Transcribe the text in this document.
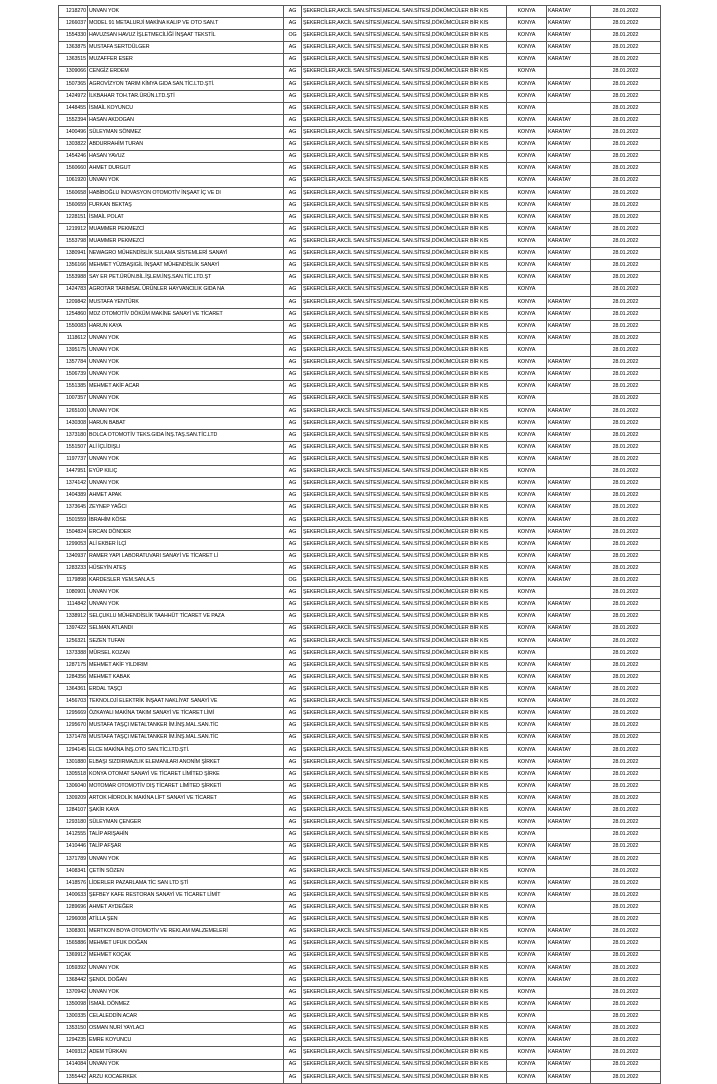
1218270	UNVAN YOK	AG	ŞEKERCİLER,AKCİL SAN.SİTESİ,MECAL SAN.SİTESİ,DÖKÜMCÜLER BİR KIS	KONYA	KARATAY	28.01.2022
1266037	MODEL 91 METALURJİ MAKİNA KALIP VE OTO SAN.T	AG	ŞEKERCİLER,AKCİL SAN.SİTESİ,MECAL SAN.SİTESİ,DÖKÜMCÜLER BİR KIS	KONYA	KARATAY	28.01.2022
1554330	HAVUZSAN HAVUZ İŞLETMECİLİĞİ İNŞAAT TEKSTİL	OG	ŞEKERCİLER,AKCİL SAN.SİTESİ,MECAL SAN.SİTESİ,DÖKÜMCÜLER BİR KIS	KONYA	KARATAY	28.01.2022
1363875	MUSTAFA SERTDÜLGER	AG	ŞEKERCİLER,AKCİL SAN.SİTESİ,MECAL SAN.SİTESİ,DÖKÜMCÜLER BİR KIS	KONYA	KARATAY	28.01.2022
1363515	MUZAFFER ESER	AG	ŞEKERCİLER,AKCİL SAN.SİTESİ,MECAL SAN.SİTESİ,DÖKÜMCÜLER BİR KIS	KONYA	KARATAY	28.01.2022
1309066	CENGİZ ERDEM	AG	ŞEKERCİLER,AKCİL SAN.SİTESİ,MECAL SAN.SİTESİ,DÖKÜMCÜLER BİR KIS	KONYA		28.01.2022
1507365	AGROVİZYON TARIM KİMYA GIDA SAN.TİC.LTD.ŞTİ.	AG	ŞEKERCİLER,AKCİL SAN.SİTESİ,MECAL SAN.SİTESİ,DÖKÜMCÜLER BİR KIS	KONYA	KARATAY	28.01.2022
1424972	İLKBAHAR TOH.TAR.ÜRÜN.LTD.ŞTİ	AG	ŞEKERCİLER,AKCİL SAN.SİTESİ,MECAL SAN.SİTESİ,DÖKÜMCÜLER BİR KIS	KONYA	KARATAY	28.01.2022
1448455	İSMAİL KOYUNCU	AG	ŞEKERCİLER,AKCİL SAN.SİTESİ,MECAL SAN.SİTESİ,DÖKÜMCÜLER BİR KIS	KONYA		28.01.2022
1552394	HASAN AKDOGAN	AG	ŞEKERCİLER,AKCİL SAN.SİTESİ,MECAL SAN.SİTESİ,DÖKÜMCÜLER BİR KIS	KONYA	KARATAY	28.01.2022
1400496	SÜLEYMAN SÖNMEZ	AG	ŞEKERCİLER,AKCİL SAN.SİTESİ,MECAL SAN.SİTESİ,DÖKÜMCÜLER BİR KIS	KONYA	KARATAY	28.01.2022
1303822	ABDURRAHİM TURAN	AG	ŞEKERCİLER,AKCİL SAN.SİTESİ,MECAL SAN.SİTESİ,DÖKÜMCÜLER BİR KIS	KONYA	KARATAY	28.01.2022
1454246	HASAN YAVUZ	AG	ŞEKERCİLER,AKCİL SAN.SİTESİ,MECAL SAN.SİTESİ,DÖKÜMCÜLER BİR KIS	KONYA	KARATAY	28.01.2022
1560660	AHMET DURGUT	AG	ŞEKERCİLER,AKCİL SAN.SİTESİ,MECAL SAN.SİTESİ,DÖKÜMCÜLER BİR KIS	KONYA	KARATAY	28.01.2022
1061920	UNVAN YOK	AG	ŞEKERCİLER,AKCİL SAN.SİTESİ,MECAL SAN.SİTESİ,DÖKÜMCÜLER BİR KIS	KONYA	KARATAY	28.01.2022
1560658	HABİBOĞLU İNOVASYON OTOMOTİV İNŞAAT İÇ VE DI	AG	ŞEKERCİLER,AKCİL SAN.SİTESİ,MECAL SAN.SİTESİ,DÖKÜMCÜLER BİR KIS	KONYA	KARATAY	28.01.2022
1560659	FURKAN BEKTAŞ	AG	ŞEKERCİLER,AKCİL SAN.SİTESİ,MECAL SAN.SİTESİ,DÖKÜMCÜLER BİR KIS	KONYA	KARATAY	28.01.2022
1228151	İSMAİL POLAT	AG	ŞEKERCİLER,AKCİL SAN.SİTESİ,MECAL SAN.SİTESİ,DÖKÜMCÜLER BİR KIS	KONYA	KARATAY	28.01.2022
1219912	MUAMMER PEKMEZCİ	AG	ŞEKERCİLER,AKCİL SAN.SİTESİ,MECAL SAN.SİTESİ,DÖKÜMCÜLER BİR KIS	KONYA	KARATAY	28.01.2022
1553798	MUAMMER PEKMEZCİ	AG	ŞEKERCİLER,AKCİL SAN.SİTESİ,MECAL SAN.SİTESİ,DÖKÜMCÜLER BİR KIS	KONYA	KARATAY	28.01.2022
1380941	NEWAGRO MÜHENDİSLİK SULAMA SİSTEMLERİ SANAYİ	AG	ŞEKERCİLER,AKCİL SAN.SİTESİ,MECAL SAN.SİTESİ,DÖKÜMCÜLER BİR KIS	KONYA	KARATAY	28.01.2022
1356166	MEHMET YÜZBAŞIGİL İNŞAAT MÜHENDİSLİK SANAYİ	AG	ŞEKERCİLER,AKCİL SAN.SİTESİ,MECAL SAN.SİTESİ,DÖKÜMCÜLER BİR KIS	KONYA	KARATAY	28.01.2022
1553988	SAY ER PET.ÜRÜN.BİL.İŞLEM.İNŞ.SAN.TİC.LTD.ŞT	AG	ŞEKERCİLER,AKCİL SAN.SİTESİ,MECAL SAN.SİTESİ,DÖKÜMCÜLER BİR KIS	KONYA	KARATAY	28.01.2022
1424783	AGROTAR TARIMSAL ÜRÜNLER HAYVANCILIK GIDA NA	AG	ŞEKERCİLER,AKCİL SAN.SİTESİ,MECAL SAN.SİTESİ,DÖKÜMCÜLER BİR KIS	KONYA		28.01.2022
1209842	MUSTAFA YENTÜRK	AG	ŞEKERCİLER,AKCİL SAN.SİTESİ,MECAL SAN.SİTESİ,DÖKÜMCÜLER BİR KIS	KONYA	KARATAY	28.01.2022
1254860	MDZ OTOMOTİV DÖKÜM MAKİNE SANAYİ VE TİCARET	AG	ŞEKERCİLER,AKCİL SAN.SİTESİ,MECAL SAN.SİTESİ,DÖKÜMCÜLER BİR KIS	KONYA	KARATAY	28.01.2022
1550083	HARUN KAYA	AG	ŞEKERCİLER,AKCİL SAN.SİTESİ,MECAL SAN.SİTESİ,DÖKÜMCÜLER BİR KIS	KONYA	KARATAY	28.01.2022
1118612	UNVAN YOK	AG	ŞEKERCİLER,AKCİL SAN.SİTESİ,MECAL SAN.SİTESİ,DÖKÜMCÜLER BİR KIS	KONYA	KARATAY	28.01.2022
1395175	UNVAN YOK	AG	ŞEKERCİLER,AKCİL SAN.SİTESİ,MECAL SAN.SİTESİ,DÖKÜMCÜLER BİR KIS	KONYA		28.01.2022
1357784	UNVAN YOK	AG	ŞEKERCİLER,AKCİL SAN.SİTESİ,MECAL SAN.SİTESİ,DÖKÜMCÜLER BİR KIS	KONYA	KARATAY	28.01.2022
1506739	UNVAN YOK	AG	ŞEKERCİLER,AKCİL SAN.SİTESİ,MECAL SAN.SİTESİ,DÖKÜMCÜLER BİR KIS	KONYA	KARATAY	28.01.2022
1551385	MEHMET AKİF ACAR	AG	ŞEKERCİLER,AKCİL SAN.SİTESİ,MECAL SAN.SİTESİ,DÖKÜMCÜLER BİR KIS	KONYA	KARATAY	28.01.2022
1007357	UNVAN YOK	AG	ŞEKERCİLER,AKCİL SAN.SİTESİ,MECAL SAN.SİTESİ,DÖKÜMCÜLER BİR KIS	KONYA		28.01.2022
1265100	UNVAN YOK	AG	ŞEKERCİLER,AKCİL SAN.SİTESİ,MECAL SAN.SİTESİ,DÖKÜMCÜLER BİR KIS	KONYA	KARATAY	28.01.2022
1430308	HARUN BABAT	AG	ŞEKERCİLER,AKCİL SAN.SİTESİ,MECAL SAN.SİTESİ,DÖKÜMCÜLER BİR KIS	KONYA	KARATAY	28.01.2022
1373180	BOLCA OTOMOTİV TEKS.GIDA İNŞ.TAŞ.SAN.TİC.LTD	AG	ŞEKERCİLER,AKCİL SAN.SİTESİ,MECAL SAN.SİTESİ,DÖKÜMCÜLER BİR KIS	KONYA	KARATAY	28.01.2022
1551507	ALİ İÇLİDIŞLI	AG	ŞEKERCİLER,AKCİL SAN.SİTESİ,MECAL SAN.SİTESİ,DÖKÜMCÜLER BİR KIS	KONYA	KARATAY	28.01.2022
1197737	UNVAN YOK	AG	ŞEKERCİLER,AKCİL SAN.SİTESİ,MECAL SAN.SİTESİ,DÖKÜMCÜLER BİR KIS	KONYA	KARATAY	28.01.2022
1447951	EYÜP KILIÇ	AG	ŞEKERCİLER,AKCİL SAN.SİTESİ,MECAL SAN.SİTESİ,DÖKÜMCÜLER BİR KIS	KONYA		28.01.2022
1374142	UNVAN YOK	AG	ŞEKERCİLER,AKCİL SAN.SİTESİ,MECAL SAN.SİTESİ,DÖKÜMCÜLER BİR KIS	KONYA	KARATAY	28.01.2022
1404389	AHMET APAK	AG	ŞEKERCİLER,AKCİL SAN.SİTESİ,MECAL SAN.SİTESİ,DÖKÜMCÜLER BİR KIS	KONYA	KARATAY	28.01.2022
1373645	ZEYNEP YAĞCI	AG	ŞEKERCİLER,AKCİL SAN.SİTESİ,MECAL SAN.SİTESİ,DÖKÜMCÜLER BİR KIS	KONYA	KARATAY	28.01.2022
1501559	İBRAHİM KÖSE	AG	ŞEKERCİLER,AKCİL SAN.SİTESİ,MECAL SAN.SİTESİ,DÖKÜMCÜLER BİR KIS	KONYA	KARATAY	28.01.2022
1504824	ERCAN DÖNDER	AG	ŞEKERCİLER,AKCİL SAN.SİTESİ,MECAL SAN.SİTESİ,DÖKÜMCÜLER BİR KIS	KONYA	KARATAY	28.01.2022
1299053	ALİ EKBER İLÇİ	AG	ŞEKERCİLER,AKCİL SAN.SİTESİ,MECAL SAN.SİTESİ,DÖKÜMCÜLER BİR KIS	KONYA	KARATAY	28.01.2022
1340937	RAMER YAPI LABORATUVARI SANAYİ VE TİCARET Lİ	AG	ŞEKERCİLER,AKCİL SAN.SİTESİ,MECAL SAN.SİTESİ,DÖKÜMCÜLER BİR KIS	KONYA	KARATAY	28.01.2022
1283233	HÜSEYİN ATEŞ	AG	ŞEKERCİLER,AKCİL SAN.SİTESİ,MECAL SAN.SİTESİ,DÖKÜMCÜLER BİR KIS	KONYA	KARATAY	28.01.2022
1179898	KARDESLER YEM.SAN.A.S	OG	ŞEKERCİLER,AKCİL SAN.SİTESİ,MECAL SAN.SİTESİ,DÖKÜMCÜLER BİR KIS	KONYA	KARATAY	28.01.2022
1080901	UNVAN YOK	AG	ŞEKERCİLER,AKCİL SAN.SİTESİ,MECAL SAN.SİTESİ,DÖKÜMCÜLER BİR KIS	KONYA		28.01.2022
1114842	UNVAN YOK	AG	ŞEKERCİLER,AKCİL SAN.SİTESİ,MECAL SAN.SİTESİ,DÖKÜMCÜLER BİR KIS	KONYA	KARATAY	28.01.2022
1338912	SELÇUKLU MÜHENDİSLİK TAAHHÜT TİCARET VE PAZA	AG	ŞEKERCİLER,AKCİL SAN.SİTESİ,MECAL SAN.SİTESİ,DÖKÜMCÜLER BİR KIS	KONYA	KARATAY	28.01.2022
1397422	SELMAN ATLANDI	AG	ŞEKERCİLER,AKCİL SAN.SİTESİ,MECAL SAN.SİTESİ,DÖKÜMCÜLER BİR KIS	KONYA	KARATAY	28.01.2022
1256321	SEZEN TUFAN	AG	ŞEKERCİLER,AKCİL SAN.SİTESİ,MECAL SAN.SİTESİ,DÖKÜMCÜLER BİR KIS	KONYA	KARATAY	28.01.2022
1373388	MÜRSEL KOZAN	AG	ŞEKERCİLER,AKCİL SAN.SİTESİ,MECAL SAN.SİTESİ,DÖKÜMCÜLER BİR KIS	KONYA		28.01.2022
1287175	MEHMET AKİF YILDIRIM	AG	ŞEKERCİLER,AKCİL SAN.SİTESİ,MECAL SAN.SİTESİ,DÖKÜMCÜLER BİR KIS	KONYA	KARATAY	28.01.2022
1284356	MEHMET KABAK	AG	ŞEKERCİLER,AKCİL SAN.SİTESİ,MECAL SAN.SİTESİ,DÖKÜMCÜLER BİR KIS	KONYA	KARATAY	28.01.2022
1364361	ERDAL TAŞÇI	AG	ŞEKERCİLER,AKCİL SAN.SİTESİ,MECAL SAN.SİTESİ,DÖKÜMCÜLER BİR KIS	KONYA	KARATAY	28.01.2022
1456703	TEKNOLOJİ ELEKTRİK İNŞAAT NAKLİYAT SANAYİ VE	AG	ŞEKERCİLER,AKCİL SAN.SİTESİ,MECAL SAN.SİTESİ,DÖKÜMCÜLER BİR KIS	KONYA	KARATAY	28.01.2022
1295669	ÖZKAYALI MAKİNA TAKIM SANAYİ VE TİCARET LİMİ	AG	ŞEKERCİLER,AKCİL SAN.SİTESİ,MECAL SAN.SİTESİ,DÖKÜMCÜLER BİR KIS	KONYA	KARATAY	28.01.2022
1295670	MUSTAFA TAŞÇI METALTANKER İM.İNŞ.MAL.SAN.TİC	AG	ŞEKERCİLER,AKCİL SAN.SİTESİ,MECAL SAN.SİTESİ,DÖKÜMCÜLER BİR KIS	KONYA	KARATAY	28.01.2022
1371478	MUSTAFA TAŞÇI METALTANKER İM.İNŞ.MAL.SAN.TİC	AG	ŞEKERCİLER,AKCİL SAN.SİTESİ,MECAL SAN.SİTESİ,DÖKÜMCÜLER BİR KIS	KONYA	KARATAY	28.01.2022
1294145	ELCE MAKİNA İNŞ.OTO SAN.TİC.LTD.ŞTİ.	AG	ŞEKERCİLER,AKCİL SAN.SİTESİ,MECAL SAN.SİTESİ,DÖKÜMCÜLER BİR KIS	KONYA	KARATAY	28.01.2022
1301880	ELBAŞI SIZDIRMAZLIK ELEMANLARI ANONİM ŞİRKET	AG	ŞEKERCİLER,AKCİL SAN.SİTESİ,MECAL SAN.SİTESİ,DÖKÜMCÜLER BİR KIS	KONYA	KARATAY	28.01.2022
1305518	KONYA OTOMAT SANAYİ VE TİCARET LİMİTED ŞİRKE	AG	ŞEKERCİLER,AKCİL SAN.SİTESİ,MECAL SAN.SİTESİ,DÖKÜMCÜLER BİR KIS	KONYA	KARATAY	28.01.2022
1306040	MOTOMAR OTOMOTİV DIŞ TİCARET LİMİTED ŞİRKETİ	AG	ŞEKERCİLER,AKCİL SAN.SİTESİ,MECAL SAN.SİTESİ,DÖKÜMCÜLER BİR KIS	KONYA	KARATAY	28.01.2022
1309209	ARTOK HİDROLİK MAKİNA LİFT SANAYİ VE TİCARET	AG	ŞEKERCİLER,AKCİL SAN.SİTESİ,MECAL SAN.SİTESİ,DÖKÜMCÜLER BİR KIS	KONYA	KARATAY	28.01.2022
1284107	ŞAKİR KAYA	AG	ŞEKERCİLER,AKCİL SAN.SİTESİ,MECAL SAN.SİTESİ,DÖKÜMCÜLER BİR KIS	KONYA	KARATAY	28.01.2022
1293180	SÜLEYMAN ÇENGER	AG	ŞEKERCİLER,AKCİL SAN.SİTESİ,MECAL SAN.SİTESİ,DÖKÜMCÜLER BİR KIS	KONYA	KARATAY	28.01.2022
1412555	TALİP ARIŞAHİN	AG	ŞEKERCİLER,AKCİL SAN.SİTESİ,MECAL SAN.SİTESİ,DÖKÜMCÜLER BİR KIS	KONYA		28.01.2022
1410446	TALİP AFŞAR	AG	ŞEKERCİLER,AKCİL SAN.SİTESİ,MECAL SAN.SİTESİ,DÖKÜMCÜLER BİR KIS	KONYA	KARATAY	28.01.2022
1371789	UNVAN YOK	AG	ŞEKERCİLER,AKCİL SAN.SİTESİ,MECAL SAN.SİTESİ,DÖKÜMCÜLER BİR KIS	KONYA	KARATAY	28.01.2022
1408341	ÇETİN SÖZEN	AG	ŞEKERCİLER,AKCİL SAN.SİTESİ,MECAL SAN.SİTESİ,DÖKÜMCÜLER BİR KIS	KONYA		28.01.2022
1418576	LİDERLER PAZARLAMA TİC SAN LTD ŞTİ	AG	ŞEKERCİLER,AKCİL SAN.SİTESİ,MECAL SAN.SİTESİ,DÖKÜMCÜLER BİR KIS	KONYA	KARATAY	28.01.2022
1400633	ŞEFBEY KAFE RESTORAN SANAYİ VE TİCARET LİMİT	AG	ŞEKERCİLER,AKCİL SAN.SİTESİ,MECAL SAN.SİTESİ,DÖKÜMCÜLER BİR KIS	KONYA	KARATAY	28.01.2022
1289696	AHMET AYDEĞER	AG	ŞEKERCİLER,AKCİL SAN.SİTESİ,MECAL SAN.SİTESİ,DÖKÜMCÜLER BİR KIS	KONYA		28.01.2022
1296008	ATİLLA ŞEN	AG	ŞEKERCİLER,AKCİL SAN.SİTESİ,MECAL SAN.SİTESİ,DÖKÜMCÜLER BİR KIS	KONYA		28.01.2022
1308301	MERTKON BOYA OTOMOTİV VE REKLAM MALZEMELERİ	AG	ŞEKERCİLER,AKCİL SAN.SİTESİ,MECAL SAN.SİTESİ,DÖKÜMCÜLER BİR KIS	KONYA	KARATAY	28.01.2022
1565886	MEHMET UFUK DOĞAN	AG	ŞEKERCİLER,AKCİL SAN.SİTESİ,MECAL SAN.SİTESİ,DÖKÜMCÜLER BİR KIS	KONYA	KARATAY	28.01.2022
1369912	MEHMET KOÇAK	AG	ŞEKERCİLER,AKCİL SAN.SİTESİ,MECAL SAN.SİTESİ,DÖKÜMCÜLER BİR KIS	KONYA	KARATAY	28.01.2022
1059392	UNVAN YOK	AG	ŞEKERCİLER,AKCİL SAN.SİTESİ,MECAL SAN.SİTESİ,DÖKÜMCÜLER BİR KIS	KONYA	KARATAY	28.01.2022
1368442	ŞENOL DOĞAN	AG	ŞEKERCİLER,AKCİL SAN.SİTESİ,MECAL SAN.SİTESİ,DÖKÜMCÜLER BİR KIS	KONYA	KARATAY	28.01.2022
1370942	UNVAN YOK	AG	ŞEKERCİLER,AKCİL SAN.SİTESİ,MECAL SAN.SİTESİ,DÖKÜMCÜLER BİR KIS	KONYA		28.01.2022
1350098	İSMAİL DÖNMEZ	AG	ŞEKERCİLER,AKCİL SAN.SİTESİ,MECAL SAN.SİTESİ,DÖKÜMCÜLER BİR KIS	KONYA	KARATAY	28.01.2022
1300335	CELALEDDİN ACAR	AG	ŞEKERCİLER,AKCİL SAN.SİTESİ,MECAL SAN.SİTESİ,DÖKÜMCÜLER BİR KIS	KONYA		28.01.2022
1353150	OSMAN NURİ YAYLACI	AG	ŞEKERCİLER,AKCİL SAN.SİTESİ,MECAL SAN.SİTESİ,DÖKÜMCÜLER BİR KIS	KONYA	KARATAY	28.01.2022
1294235	EMRE KOYUNCU	AG	ŞEKERCİLER,AKCİL SAN.SİTESİ,MECAL SAN.SİTESİ,DÖKÜMCÜLER BİR KIS	KONYA	KARATAY	28.01.2022
1409312	ADEM TÜRKAN	AG	ŞEKERCİLER,AKCİL SAN.SİTESİ,MECAL SAN.SİTESİ,DÖKÜMCÜLER BİR KIS	KONYA	KARATAY	28.01.2022
1414084	UNVAN YOK	AG	ŞEKERCİLER,AKCİL SAN.SİTESİ,MECAL SAN.SİTESİ,DÖKÜMCÜLER BİR KIS	KONYA	KARATAY	28.01.2022
1355442	ARZU KOCAERKEK	AG	ŞEKERCİLER,AKCİL SAN.SİTESİ,MECAL SAN.SİTESİ,DÖKÜMCÜLER BİR KIS	KONYA	KARATAY	28.01.2022
